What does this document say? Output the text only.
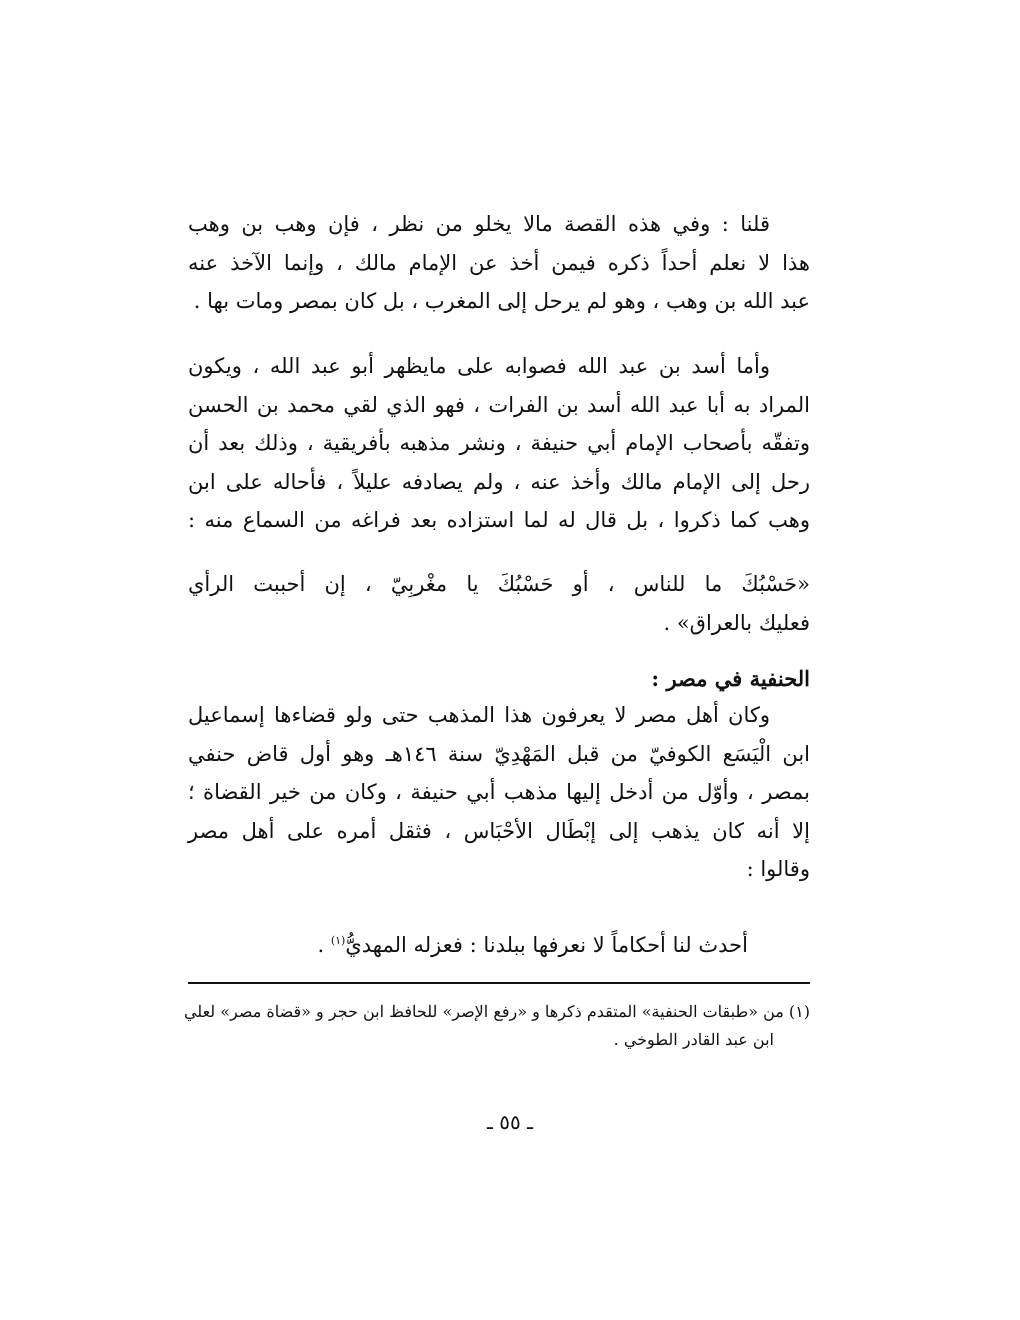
قلنا : وفي هذه القصة مالا يخلو من نظر ، فإن وهب بن وهب
هذا لا نعلم أحداً ذكره فيمن أخذ عن الإمام مالك ، وإنما الآخذ عنه
عبد الله بن وهب ، وهو لم يرحل إلى المغرب ، بل كان بمصر ومات بها .
وأما أسد بن عبد الله فصوابه على مايظهر أبو عبد الله ، ويكون
المراد به أبا عبد الله أسد بن الفرات ، فهو الذي لقي محمد بن الحسن
وتفقّه بأصحاب الإمام أبي حنيفة ، ونشر مذهبه بأفريقية ، وذلك بعد أن
رحل إلى الإمام مالك وأخذ عنه ، ولم يصادفه عليلاً ، فأحاله على ابن
وهب كما ذكروا ، بل قال له لما استزاده بعد فراغه من السماع منه :
«حَسْبُكَ ما للناس ، أو حَسْبُكَ يا مغْربِيّ ، إن أحببت الرأي
فعليك بالعراق» .
الحنفية في مصر :
وكان أهل مصر لا يعرفون هذا المذهب حتى ولو قضاءها إسماعيل
ابن الْيَسَع الكوفيّ من قبل المَهْدِيّ سنة ١٤٦هـ وهو أول قاض حنفي
بمصر ، وأوّل من أدخل إليها مذهب أبي حنيفة ، وكان من خير القضاة ؛
إلا أنه كان يذهب إلى إبْطَال الأحْبَاس ، فثقل أمره على أهل مصر
وقالوا :
أحدث لنا أحكاماً لا نعرفها ببلدنا : فعزله المهديُّ$^{(١)}$ .
(١) من «طبقات الحنفية» المتقدم ذكرها و «رفع الإصر» للحافظ ابن حجر و «قضاة مصر» لعلي
ابن عبد القادر الطوخي .
ـ ٥٥ ـ
